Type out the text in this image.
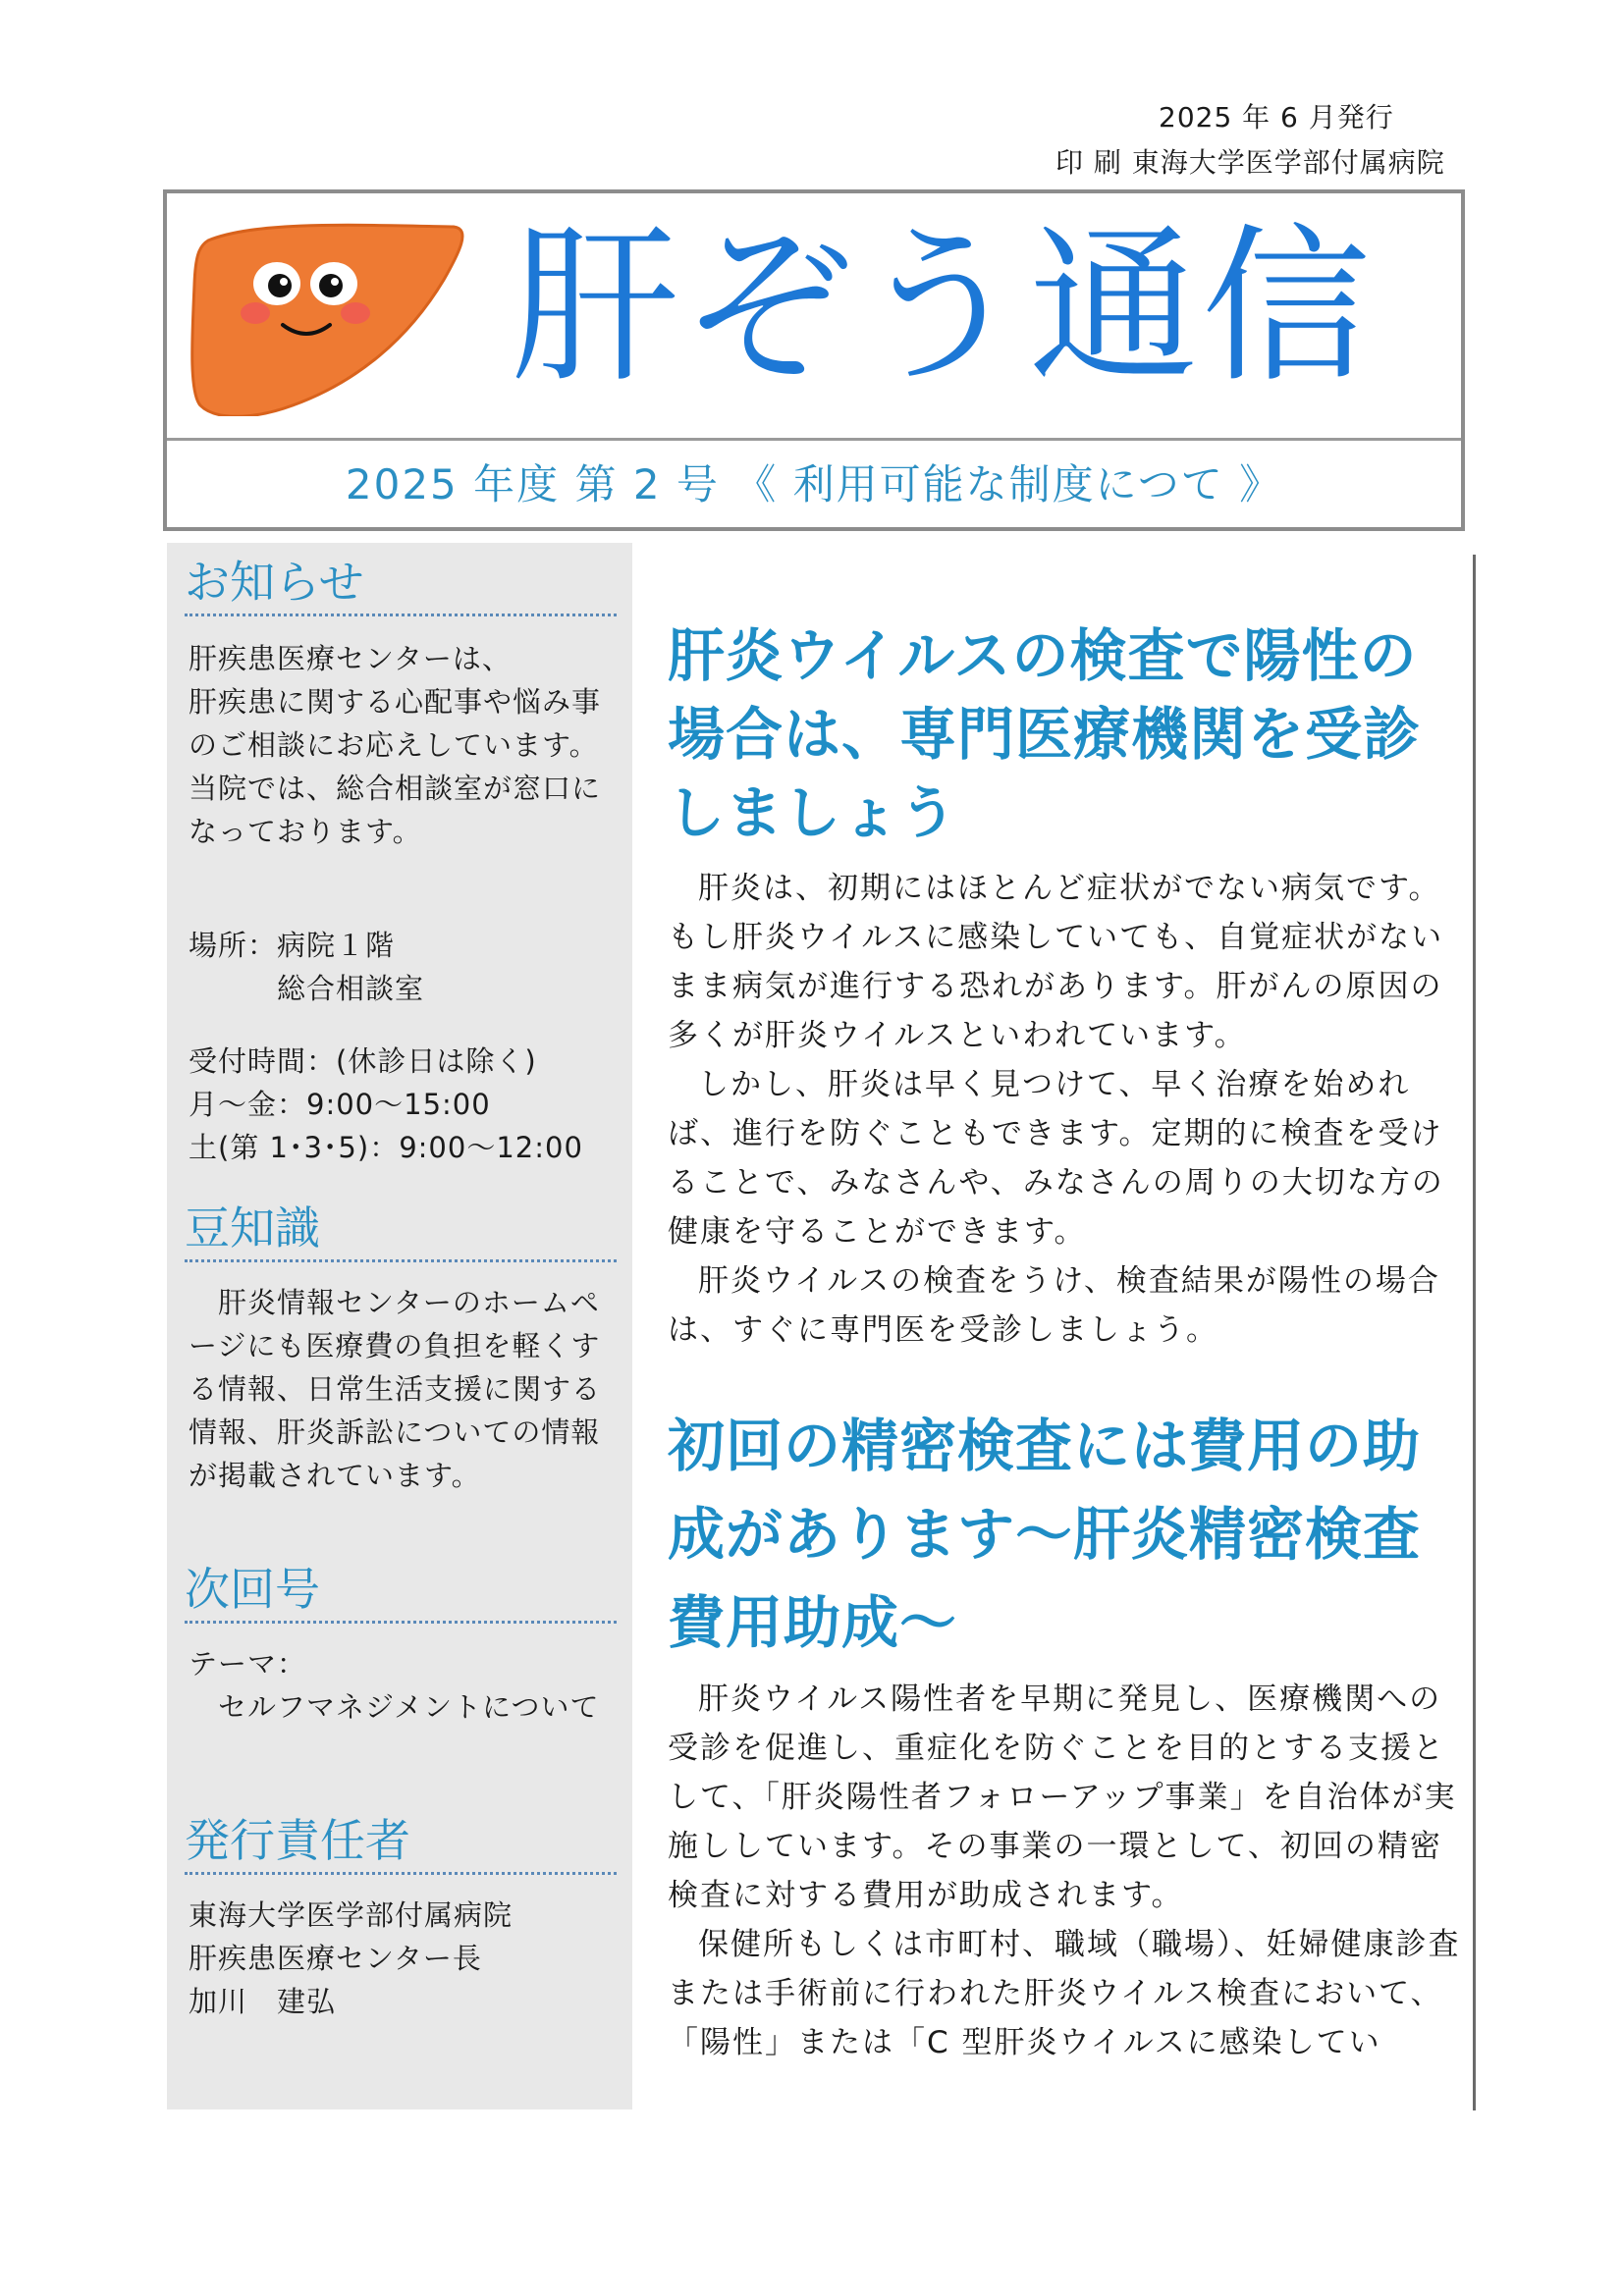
2025 年 6 月発行
印 刷 東海大学医学部付属病院
肝ぞう通信
2025 年度 第 2 号 《 利用可能な制度につて 》
お知らせ
肝疾患医療センターは、
肝疾患に関する心配事や悩み事のご相談にお応えしています。
当院では、総合相談室が窓口になっております。
場所：病院１階
　　　総合相談室
受付時間：(休診日は除く)
月～金：9:00～15:00
土(第 1･3･5)：9:00～12:00
豆知識
　肝炎情報センターのホームページにも医療費の負担を軽くする情報、日常生活支援に関する情報、肝炎訴訟についての情報が掲載されています。
次回号
テーマ：
　セルフマネジメントについて
発行責任者
東海大学医学部付属病院
肝疾患医療センター長
加川　建弘
肝炎ウイルスの検査で陽性の場合は、専門医療機関を受診しましょう

肝炎は、初期にはほとんど症状がでない病気です。もし肝炎ウイルスに感染していても、自覚症状がないまま病気が進行する恐れがあります。肝がんの原因の多くが肝炎ウイルスといわれています。

しかし、肝炎は早く見つけて、早く治療を始めれば、進行を防ぐこともできます。定期的に検査を受けることで、みなさんや、みなさんの周りの大切な方の健康を守ることができます。

肝炎ウイルスの検査をうけ、検査結果が陽性の場合は、すぐに専門医を受診しましょう。

初回の精密検査には費用の助成があります～肝炎精密検査費用助成～

肝炎ウイルス陽性者を早期に発見し、医療機関への受診を促進し、重症化を防ぐことを目的とする支援として、「肝炎陽性者フォローアップ事業」を自治体が実施ししています。その事業の一環として、初回の精密検査に対する費用が助成されます。

保健所もしくは市町村、職域（職場）、妊婦健康診査または手術前に行われた肝炎ウイルス検査において、「陽性」または「C 型肝炎ウイルスに感染してい
